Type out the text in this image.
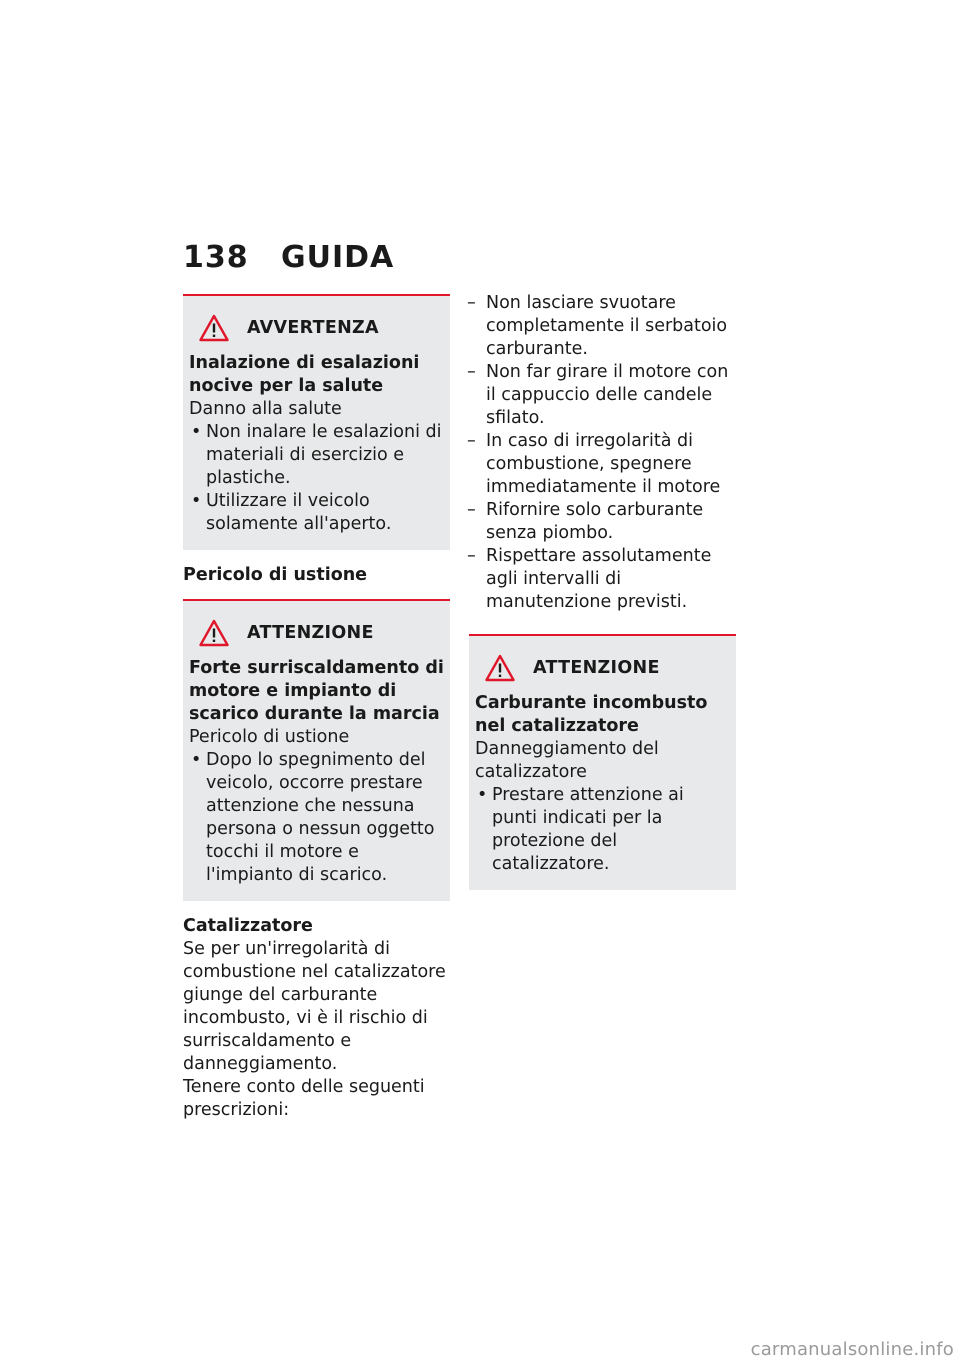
138 GUIDA
AVVERTENZA
Inalazione di esalazioni nocive per la salute
Danno alla salute
• Non inalare le esalazioni di materiali di esercizio e plastiche.
• Utilizzare il veicolo solamente all'aperto.
Pericolo di ustione
ATTENZIONE
Forte surriscaldamento di motore e impianto di scarico durante la marcia
Pericolo di ustione
• Dopo lo spegnimento del veicolo, occorre prestare attenzione che nessuna persona o nessun oggetto tocchi il motore e l'impianto di scarico.
Catalizzatore
Se per un'irregolarità di combustione nel catalizzatore giunge del carburante incombusto, vi è il rischio di surriscaldamento e danneggiamento.
Tenere conto delle seguenti prescrizioni:
– Non lasciare svuotare completamente il serbatoio carburante.
– Non far girare il motore con il cappuccio delle candele sfilato.
– In caso di irregolarità di combustione, spegnere immediatamente il motore
– Rifornire solo carburante senza piombo.
– Rispettare assolutamente agli intervalli di manutenzione previsti.
ATTENZIONE
Carburante incombusto nel catalizzatore
Danneggiamento del catalizzatore
• Prestare attenzione ai punti indicati per la protezione del catalizzatore.
carmanualsonline.info
